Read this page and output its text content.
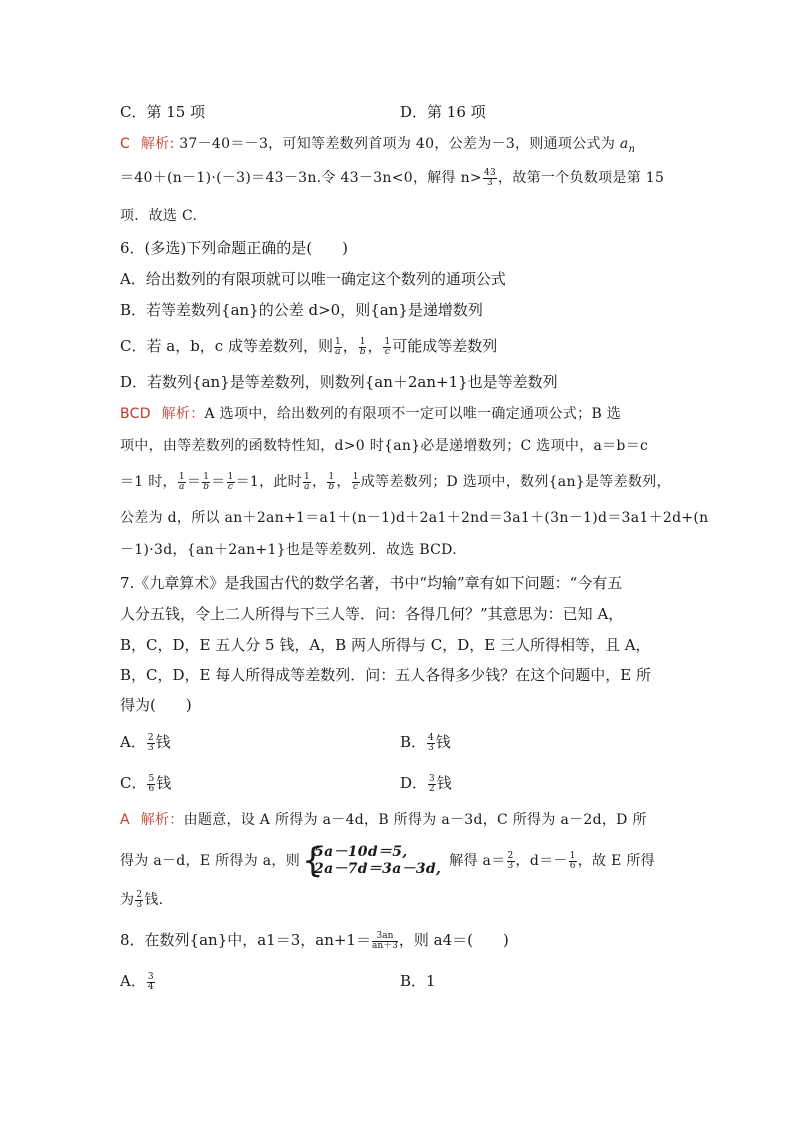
C．第 15 项	D．第 16 项
C 解析: 37－40＝－3，可知等差数列首项为 40，公差为－3，则通项公式为 $a_n$
＝40＋(n－1)·(－3)＝43－3n.令 43－3n<0，解得 $n> \frac{43}{3}$ ，故第一个负数项是第 15
项．故选 C.
6．(多选)下列命题正确的是(　　)
A．给出数列的有限项就可以唯一确定这个数列的通项公式
B．若等差数列{an}的公差 d>0，则{an}是递增数列
C．若 a，b，c 成等差数列，则 $\frac{1}{a}$ ， $\frac{1}{b}$ ， $\frac{1}{c}$ 可能成等差数列
D．若数列{an}是等差数列，则数列{an＋2an+1}也是等差数列
BCD 解析：A 选项中，给出数列的有限项不一定可以唯一确定通项公式；B 选
项中，由等差数列的函数特性知，d>0 时{an}必是递增数列；C 选项中，a＝b＝c
＝1 时， $\frac{1}{a} = \frac{1}{b} = \frac{1}{c} =1$，此时 $\frac{1}{a}$ ， $\frac{1}{b}$ ， $\frac{1}{c}$ 成等差数列；D 选项中，数列{an}是等差数列，
公差为 d，所以 an＋2an+1＝a1＋(n－1)d＋2a1＋2nd＝3a1＋(3n－1)d＝3a1＋2d+(n
－1)·3d，{an＋2an+1}也是等差数列．故选 BCD.
7.《九章算术》是我国古代的数学名著，书中“均输”章有如下问题：“今有五
人分五钱，令上二人所得与下三人等．问：各得几何？”其意思为：已知 A，
B，C，D，E 五人分 5 钱，A，B 两人所得与 C，D，E 三人所得相等，且 A，
B，C，D，E 每人所得成等差数列．问：五人各得多少钱？在这个问题中，E 所
得为(　　)
A． $\frac{2}{3}$ 钱	B． $\frac{4}{3}$ 钱
C． $\frac{5}{6}$ 钱	D． $\frac{3}{2}$ 钱
A 解析：由题意，设 A 所得为 a－4d，B 所得为 a－3d，C 所得为 a－2d，D 所
得为 a－d，E 所得为 a，则 {
5a－10d＝5,
2a－7d＝3a－3d, 解得 $a= \frac{2}{3}$ ，$d=- \frac{1}{6}$ ，故 E 所得
为 $\frac{2}{3}$ 钱.
8．在数列{an}中，a1＝3，$an+1= \frac{3an}{an+3}$ ，则 a4＝(　　)
A． $\frac{3}{4}$	B．1
